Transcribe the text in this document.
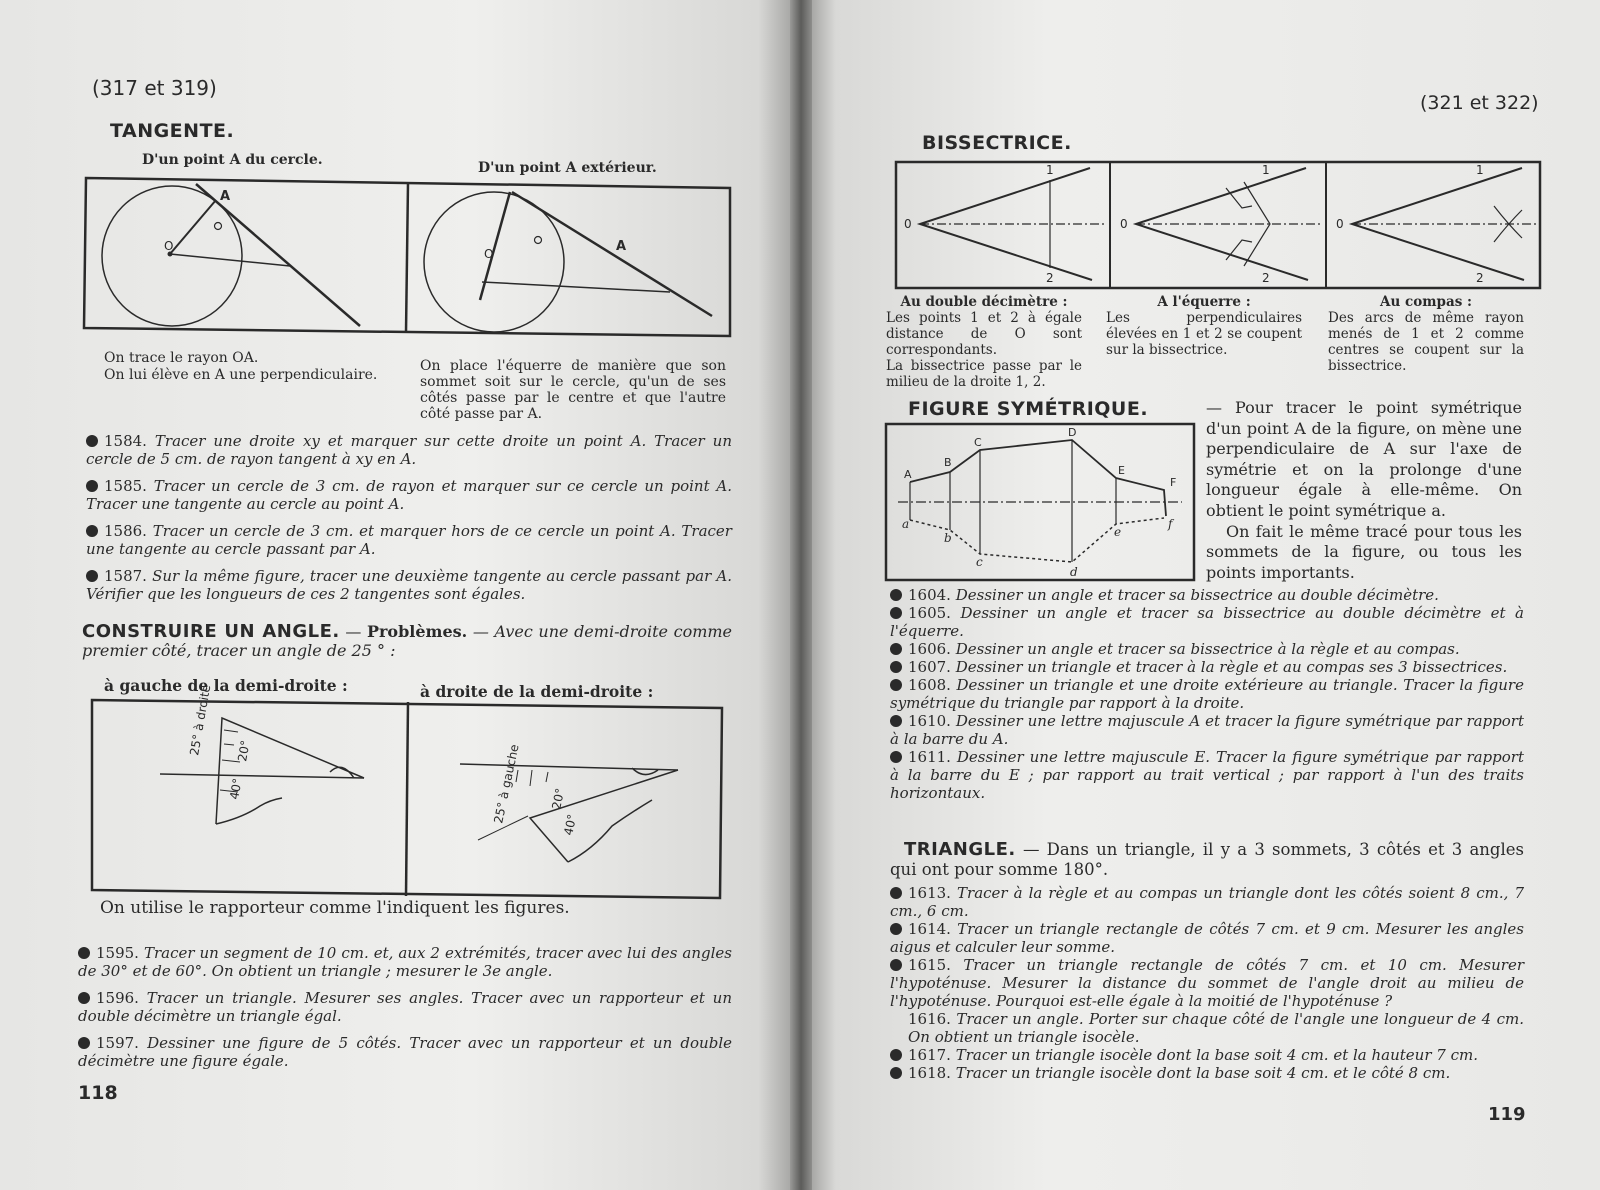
(317 et 319)
TANGENTE.
D'un point A du cercle.	D'un point A extérieur.
A
O
O	A
On trace le rayon OA.
On lui élève en A une perpendiculaire.
On place l'équerre de manière que son sommet soit sur le cercle, qu'un de ses côtés passe par le centre et que l'autre côté passe par A.
1584. Tracer une droite xy et marquer sur cette droite un point A. Tracer un cercle de 5 cm. de rayon tangent à xy en A.
1585. Tracer un cercle de 3 cm. de rayon et marquer sur ce cercle un point A. Tracer une tangente au cercle au point A.
1586. Tracer un cercle de 3 cm. et marquer hors de ce cercle un point A. Tracer une tangente au cercle passant par A.
1587. Sur la même figure, tracer une deuxième tangente au cercle passant par A. Vérifier que les longueurs de ces 2 tangentes sont égales.
CONSTRUIRE UN ANGLE. — Problèmes. — Avec une demi-droite comme premier côté, tracer un angle de 25 ° :
à gauche de la demi-droite :	à droite de la demi-droite :
25° à droite 20°
40°	25° à gauche 20°
40°
On utilise le rapporteur comme l'indiquent les figures.
1595. Tracer un segment de 10 cm. et, aux 2 extrémités, tracer avec lui des angles de 30° et de 60°. On obtient un triangle ; mesurer le 3e angle.
1596. Tracer un triangle. Mesurer ses angles. Tracer avec un rapporteur et un double décimètre un triangle égal.
1597. Dessiner une figure de 5 côtés. Tracer avec un rapporteur et un double décimètre une figure égale.
118
(321 et 322)
BISSECTRICE.
0
1
2
0
1
2
0
1
2
Au double décimètre :
Les points 1 et 2 à égale distance de O sont correspondants.
La bissectrice passe par le milieu de la droite 1, 2.
A l'équerre :
Les perpendiculaires élevées en 1 et 2 se coupent sur la bissectrice.
Au compas :
Des arcs de même rayon menés de 1 et 2 comme centres se coupent sur la bissectrice.
A
B
C
D
E
F
a
b
c
d
e
f
FIGURE SYMÉTRIQUE.
	— Pour tracer le point symétrique d'un point A de la figure, on mène une perpendiculaire de A sur l'axe de symétrie et on la prolonge d'une longueur égale à elle-même. On obtient le point symétrique a.
On fait le même tracé pour tous les sommets de la figure, ou tous les points importants.
1604. Dessiner un angle et tracer sa bissectrice au double décimètre.
1605. Dessiner un angle et tracer sa bissectrice au double décimètre et à l'équerre.
1606. Dessiner un angle et tracer sa bissectrice à la règle et au compas.
1607. Dessiner un triangle et tracer à la règle et au compas ses 3 bissectrices.
1608. Dessiner un triangle et une droite extérieure au triangle. Tracer la figure symétrique du triangle par rapport à la droite.
1610. Dessiner une lettre majuscule A et tracer la figure symétrique par rapport à la barre du A.
1611. Dessiner une lettre majuscule E. Tracer la figure symétrique par rapport à la barre du E ; par rapport au trait vertical ; par rapport à l'un des traits horizontaux.
TRIANGLE. — Dans un triangle, il y a 3 sommets, 3 côtés et 3 angles qui ont pour somme 180°.
1613. Tracer à la règle et au compas un triangle dont les côtés soient 8 cm., 7 cm., 6 cm.
1614. Tracer un triangle rectangle de côtés 7 cm. et 9 cm. Mesurer les angles aigus et calculer leur somme.
1615. Tracer un triangle rectangle de côtés 7 cm. et 10 cm. Mesurer l'hypoténuse. Mesurer la distance du sommet de l'angle droit au milieu de l'hypoténuse. Pourquoi est-elle égale à la moitié de l'hypoténuse ?
1616. Tracer un angle. Porter sur chaque côté de l'angle une longueur de 4 cm. On obtient un triangle isocèle.
1617. Tracer un triangle isocèle dont la base soit 4 cm. et la hauteur 7 cm.
1618. Tracer un triangle isocèle dont la base soit 4 cm. et le côté 8 cm.
119
